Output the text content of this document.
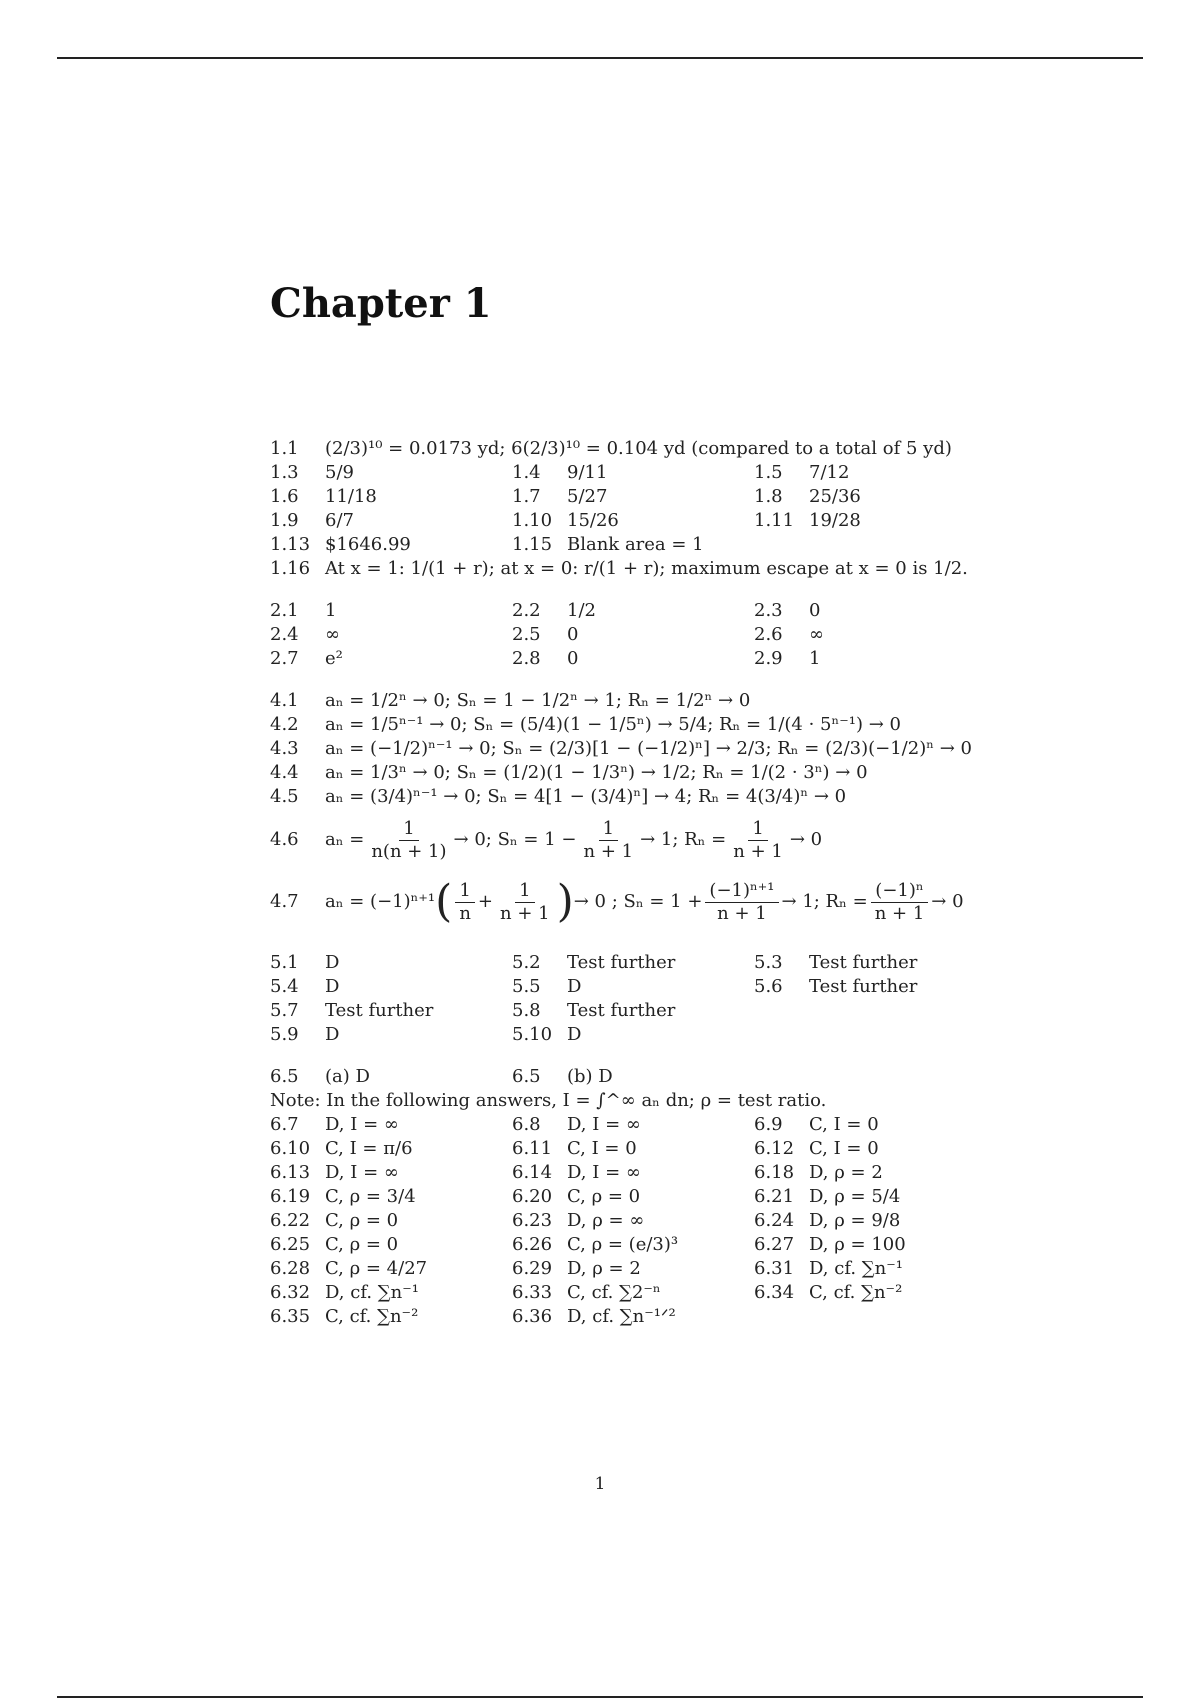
Chapter 1
1.1	(2/3)¹⁰ = 0.0173 yd; 6(2/3)¹⁰ = 0.104 yd (compared to a total of 5 yd)
1.3	5/9	1.4	9/11	1.5	7/12
1.6	11/18	1.7	5/27	1.8	25/36
1.9	6/7	1.10 15/26	1.11 19/28
1.13 $1646.99	1.15 Blank area = 1
1.16 At x = 1: 1/(1 + r); at x = 0: r/(1 + r); maximum escape at x = 0 is 1/2.
2.1	1	2.2	1/2	2.3	0
2.4	∞	2.5	0	2.6	∞
2.7	e²	2.8	0	2.9	1
4.1	aₙ = 1/2ⁿ → 0; Sₙ = 1 − 1/2ⁿ → 1; Rₙ = 1/2ⁿ → 0
4.2	aₙ = 1/5ⁿ⁻¹ → 0; Sₙ = (5/4)(1 − 1/5ⁿ) → 5/4; Rₙ = 1/(4 · 5ⁿ⁻¹) → 0
4.3	aₙ = (−1/2)ⁿ⁻¹ → 0; Sₙ = (2/3)[1 − (−1/2)ⁿ] → 2/3; Rₙ = (2/3)(−1/2)ⁿ → 0
4.4	aₙ = 1/3ⁿ → 0; Sₙ = (1/2)(1 − 1/3ⁿ) → 1/2; Rₙ = 1/(2 · 3ⁿ) → 0
4.5	aₙ = (3/4)ⁿ⁻¹ → 0; Sₙ = 4[1 − (3/4)ⁿ] → 4; Rₙ = 4(3/4)ⁿ → 0
4.6	$a_n = \frac{1}{n(n + 1)} \to 0$; $S_n = 1 - \frac{1}{n + 1} \to 1$; $R_n = \frac{1}{n + 1} \to 0$
4.7	aₙ = (−1)ⁿ⁺¹ ( $\frac{1}{n} + \frac{1}{n + 1}$ ) → 0 ; $S_n = 1 + \frac{\text{(−1)ⁿ⁺¹}}{n + 1} \to 1$; $R_n = \frac{\text{(−1)ⁿ}}{n + 1} \to 0$
5.1	D	5.2	Test further	5.3	Test further
5.4	D	5.5	D	5.6	Test further
5.7	Test further	5.8	Test further
5.9	D	5.10 D
6.5	(a) D	6.5	(b) D
Note: In the following answers, I = ∫^∞ aₙ dn; ρ = test ratio.
6.7	D, I = ∞	6.8	D, I = ∞	6.9	C, I = 0
6.10 C, I = π/6	6.11 C, I = 0	6.12 C, I = 0
6.13 D, I = ∞	6.14 D, I = ∞	6.18 D, ρ = 2
6.19 C, ρ = 3/4	6.20 C, ρ = 0	6.21 D, ρ = 5/4
6.22 C, ρ = 0	6.23 D, ρ = ∞	6.24 D, ρ = 9/8
6.25 C, ρ = 0	6.26 C, ρ = (e/3)³	6.27 D, ρ = 100
6.28 C, ρ = 4/27	6.29 D, ρ = 2	6.31 D, cf. ∑n⁻¹
6.32 D, cf. ∑n⁻¹	6.33 C, cf. ∑2⁻ⁿ	6.34 C, cf. ∑n⁻²
6.35 C, cf. ∑n⁻²	6.36 D, cf. ∑n⁻¹ᐟ²
1
